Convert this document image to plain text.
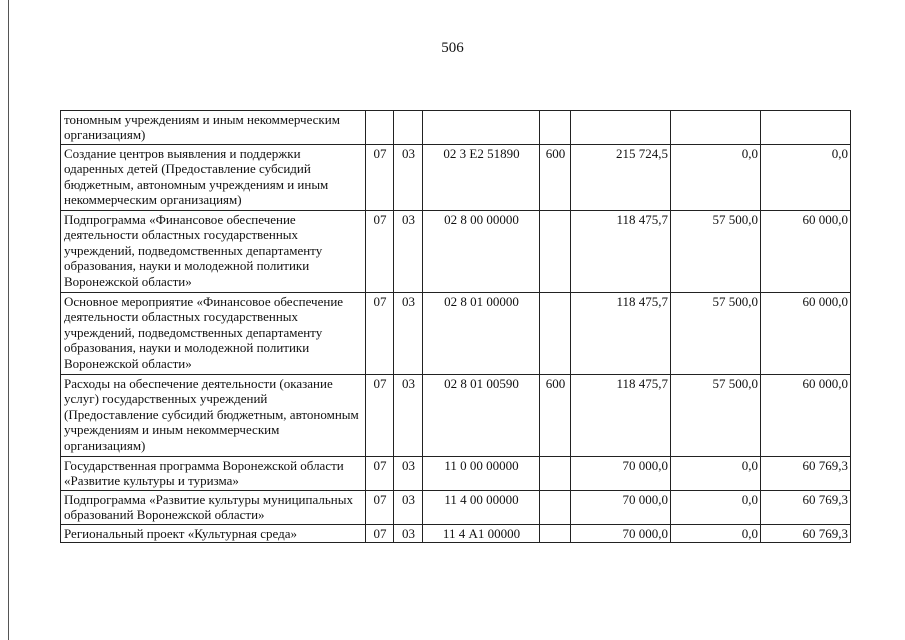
506
тономным учреждениям и иным некоммерческим организациям)							
Создание центров выявления и поддержки одаренных детей (Предоставление субсидий бюджетным, автономным учреждениям и иным некоммерческим организациям)	07	03	02 3 Е2 51890	600	215 724,5	0,0	0,0
Подпрограмма «Финансовое обеспечение деятельности областных государственных учреждений, подведомственных департаменту образования, науки и молодежной политики Воронежской области»	07	03	02 8 00 00000		118 475,7	57 500,0	60 000,0
Основное мероприятие «Финансовое обеспечение деятельности областных государственных учреждений, подведомственных департаменту образования, науки и молодежной политики Воронежской области»	07	03	02 8 01 00000		118 475,7	57 500,0	60 000,0
Расходы на обеспечение деятельности (оказание услуг) государственных учреждений (Предоставление субсидий бюджетным, автономным учреждениям и иным некоммерческим организациям)	07	03	02 8 01 00590	600	118 475,7	57 500,0	60 000,0
Государственная программа Воронежской области «Развитие культуры и туризма»	07	03	11 0 00 00000		70 000,0	0,0	60 769,3
Подпрограмма «Развитие культуры муниципальных образований Воронежской области»	07	03	11 4 00 00000		70 000,0	0,0	60 769,3
Региональный проект «Культурная среда»	07	03	11 4 А1 00000		70 000,0	0,0	60 769,3
